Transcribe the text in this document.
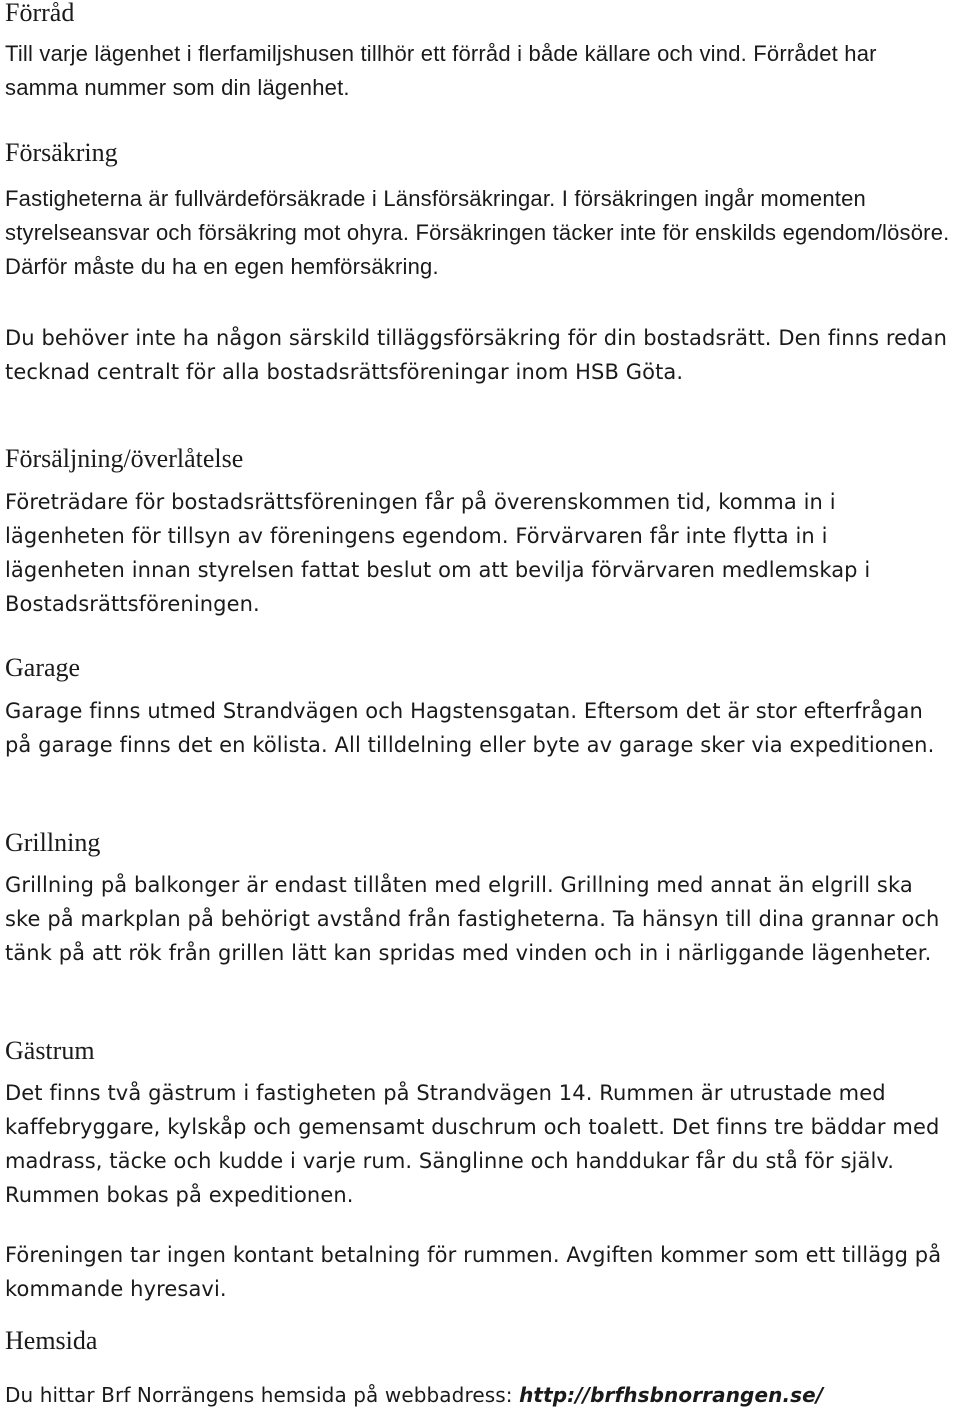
Förråd

Till varje lägenhet i flerfamiljshusen tillhör ett förråd i både källare och vind. Förrådet har samma nummer som din lägenhet.

Försäkring

Fastigheterna är fullvärdeförsäkrade i Länsförsäkringar. I försäkringen ingår momenten styrelseansvar och försäkring mot ohyra. Försäkringen täcker inte för enskilds egendom/lösöre. Därför måste du ha en egen hemförsäkring.

Du behöver inte ha någon särskild tilläggsförsäkring för din bostadsrätt. Den finns redan tecknad centralt för alla bostadsrättsföreningar inom HSB Göta.

Försäljning/överlåtelse

Företrädare för bostadsrättsföreningen får på överenskommen tid, komma in i lägenheten för tillsyn av föreningens egendom. Förvärvaren får inte flytta in i lägenheten innan styrelsen fattat beslut om att bevilja förvärvaren medlemskap i Bostadsrättsföreningen.

Garage

Garage finns utmed Strandvägen och Hagstensgatan. Eftersom det är stor efterfrågan på garage finns det en kölista. All tilldelning eller byte av garage sker via expeditionen.

Grillning

Grillning på balkonger är endast tillåten med elgrill. Grillning med annat än elgrill ska ske på markplan på behörigt avstånd från fastigheterna. Ta hänsyn till dina grannar och tänk på att rök från grillen lätt kan spridas med vinden och in i närliggande lägenheter.

Gästrum

Det finns två gästrum i fastigheten på Strandvägen 14. Rummen är utrustade med kaffebryggare, kylskåp och gemensamt duschrum och toalett. Det finns tre bäddar med madrass, täcke och kudde i varje rum. Sänglinne och handdukar får du stå för själv. Rummen bokas på expeditionen.

Föreningen tar ingen kontant betalning för rummen. Avgiften kommer som ett tillägg på kommande hyresavi.

Hemsida

Du hittar Brf Norrängens hemsida på webbadress: http://brfhsbnorrangen.se/
